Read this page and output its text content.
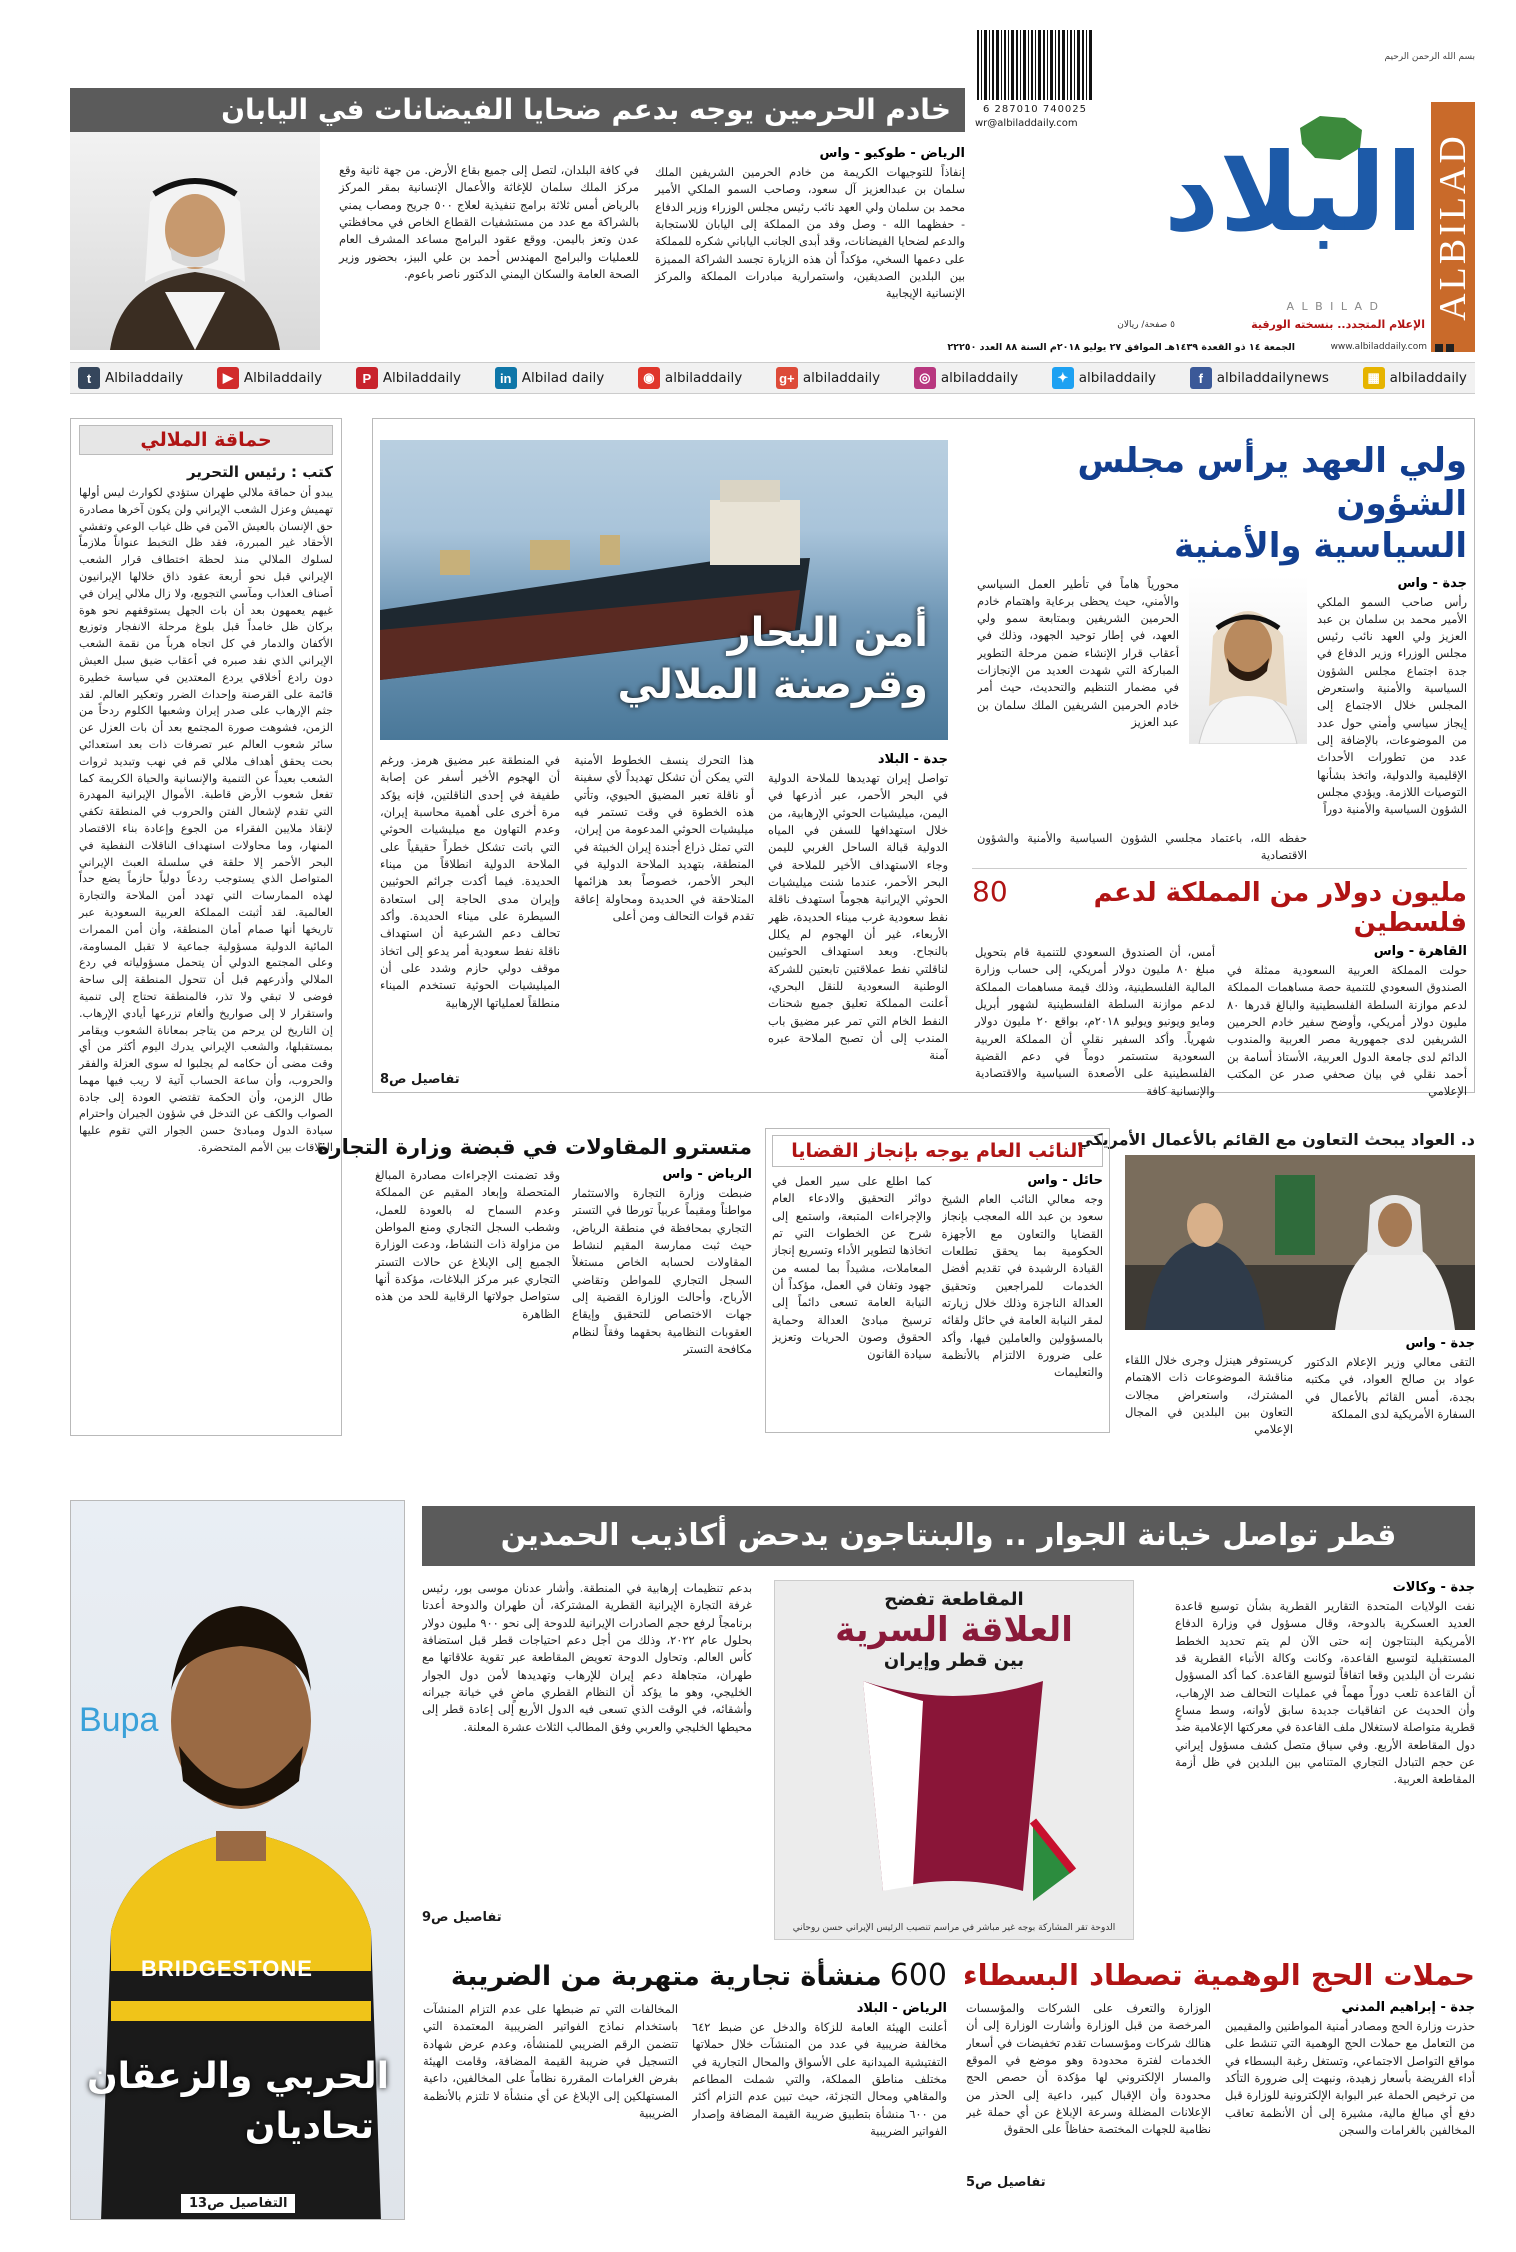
بسم الله الرحمن الرحيم
ALBILAD
البلاد
A L B I L A D
الإعلام المتجدد.. بنسخته الورقية
٥ صفحة/ ريالان
الجمعة ١٤ ذو القعدة ١٤٣٩هـ الموافق ٢٧ يوليو ٢٠١٨م السنة ٨٨ العدد ٢٢٢٥٠	www.albiladdaily.com
6 287010 740025
wr@albiladdaily.com
خادم الحرمين يوجه بدعم ضحايا الفيضانات في اليابان
الرياض - طوكيو - واس

إنفاذاً للتوجيهات الكريمة من خادم الحرمين الشريفين الملك سلمان بن عبدالعزيز آل سعود، وصاحب السمو الملكي الأمير محمد بن سلمان ولي العهد نائب رئيس مجلس الوزراء وزير الدفاع - حفظهما الله - وصل وفد من المملكة إلى اليابان للاستجابة والدعم لضحايا الفيضانات، وقد أبدى الجانب الياباني شكره للمملكة على دعمها السخي، مؤكداً أن هذه الزيارة تجسد الشراكة المميزة بين البلدين الصديقين، واستمرارية مبادرات المملكة والمركز الإنسانية الإيجابية

في كافة البلدان، لتصل إلى جميع بقاع الأرض. من جهة ثانية وقع مركز الملك سلمان للإغاثة والأعمال الإنسانية بمقر المركز بالرياض أمس ثلاثة برامج تنفيذية لعلاج ٥٠٠ جريح ومصاب يمني بالشراكة مع عدد من مستشفيات القطاع الخاص في محافظتي عدن وتعز باليمن. ووقع عقود البرامج مساعد المشرف العام للعمليات والبرامج المهندس أحمد بن علي البيز، بحضور وزير الصحة العامة والسكان اليمني الدكتور ناصر باعوم.

t	Albiladdaily	▶ Albiladdaily	P Albiladdaily	in Albilad daily	◉ albiladdaily	g+ albiladdaily	◎ albiladdaily	✦ albiladdaily	f	albiladdailynews	▦ albiladdaily
حماقة الملالي
كتب : رئيس التحرير

يبدو أن حماقة ملالي طهران ستؤدي لكوارث ليس أولها تهميش وعزل الشعب الإيراني ولن يكون آخرها مصادرة حق الإنسان بالعيش الآمن في ظل غياب الوعي وتفشي الأحقاد غير المبررة، فقد ظل التخبط عنواناً ملازماً لسلوك الملالي منذ لحظة اختطاف قرار الشعب الإيراني قبل نحو أربعة عقود ذاق خلالها الإيرانيون أصناف العذاب ومآسي التجويع، ولا زال ملالي إيران في غيهم يعمهون بعد أن بات الجهل يستوقفهم نحو هوة بركان ظل خامداً قبل بلوغ مرحلة الانفجار وتوزيع الأكفان والدمار في كل اتجاه هرباً من نقمة الشعب الإيراني الذي نفد صبره في أعقاب ضيق سبل العيش دون رادع أخلاقي يردع المعتدين في سياسة خطيرة قائمة على القرصنة وإحداث الضرر وتعكير العالم. لقد جثم الإرهاب على صدر إيران وشعبها الكلوم ردحاً من الزمن، فشوهت صورة المجتمع بعد أن بات العزل عن سائر شعوب العالم عبر تصرفات ذات بعد استعدائي بحت يحقق أهداف ملالي قم في نهب وتبديد ثروات الشعب بعيداً عن التنمية والإنسانية والحياة الكريمة كما تفعل شعوب الأرض قاطبة. الأموال الإيرانية المهدرة التي تقدم لإشعال الفتن والحروب في المنطقة تكفي لإنقاذ ملايين الفقراء من الجوع وإعادة بناء الاقتصاد المنهار، وما محاولات استهداف الناقلات النفطية في البحر الأحمر إلا حلقة في سلسلة العبث الإيراني المتواصل الذي يستوجب ردعاً دولياً حازماً يضع حداً لهذه الممارسات التي تهدد أمن الملاحة والتجارة العالمية. لقد أثبتت المملكة العربية السعودية عبر تاريخها أنها صمام أمان المنطقة، وأن أمن الممرات المائية الدولية مسؤولية جماعية لا تقبل المساومة، وعلى المجتمع الدولي أن يتحمل مسؤولياته في ردع الملالي وأذرعهم قبل أن تتحول المنطقة إلى ساحة فوضى لا تبقي ولا تذر، فالمنطقة تحتاج إلى تنمية واستقرار لا إلى صواريخ وألغام تزرعها أيادي الإرهاب. إن التاريخ لن يرحم من يتاجر بمعاناة الشعوب ويقامر بمستقبلها، والشعب الإيراني يدرك اليوم أكثر من أي وقت مضى أن حكامه لم يجلبوا له سوى العزلة والفقر والحروب، وأن ساعة الحساب آتية لا ريب فيها مهما طال الزمن، وأن الحكمة تقتضي العودة إلى جادة الصواب والكف عن التدخل في شؤون الجيران واحترام سيادة الدول ومبادئ حسن الجوار التي تقوم عليها العلاقات بين الأمم المتحضرة.

ولي العهد يرأس مجلس الشؤون
السياسية والأمنية
جدة - واس

رأس صاحب السمو الملكي الأمير محمد بن سلمان بن عبد العزيز ولي العهد نائب رئيس مجلس الوزراء وزير الدفاع في جدة اجتماع مجلس الشؤون السياسية والأمنية واستعرض المجلس خلال الاجتماع إلى إيجاز سياسي وأمني حول عدد من الموضوعات، بالإضافة إلى عدد من تطورات الأحداث الإقليمية والدولية، واتخذ بشأنها التوصيات اللازمة. ويؤدي مجلس الشؤون السياسية والأمنية دوراً

محورياً هاماً في تأطير العمل السياسي والأمني، حيث يحظى برعاية واهتمام خادم الحرمين الشريفين وبمتابعة سمو ولي العهد، في إطار توحيد الجهود، وذلك في أعقاب قرار الإنشاء ضمن مرحلة التطوير المباركة التي شهدت العديد من الإنجازات في مضمار التنظيم والتحديث، حيث أمر خادم الحرمين الشريفين الملك سلمان بن عبد العزيز

حفظه الله، باعتماد مجلسي الشؤون السياسية والأمنية والشؤون الاقتصادية

مليون دولار من المملكة لدعم فلسطين
80
القاهرة - واس

حولت المملكة العربية السعودية ممثلة في الصندوق السعودي للتنمية حصة مساهمات المملكة لدعم موازنة السلطة الفلسطينية والبالغ قدرها ٨٠ مليون دولار أمريكي، وأوضح سفير خادم الحرمين الشريفين لدى جمهورية مصر العربية والمندوب الدائم لدى جامعة الدول العربية، الأستاذ أسامة بن أحمد نقلي في بيان صحفي صدر عن المكتب الإعلامي

أمس، أن الصندوق السعودي للتنمية قام بتحويل مبلغ ٨٠ مليون دولار أمريكي، إلى حساب وزارة المالية الفلسطينية، وذلك قيمة مساهمات المملكة لدعم موازنة السلطة الفلسطينية لشهور أبريل ومايو ويونيو ويوليو ٢٠١٨م، بواقع ٢٠ مليون دولار شهرياً. وأكد السفير نقلي أن المملكة العربية السعودية ستستمر دوماً في دعم القضية الفلسطينية على الأصعدة السياسية والاقتصادية والإنسانية كافة

أمن البحار
وقرصنة الملالي
جدة - البلاد

تواصل إيران تهديدها للملاحة الدولية في البحر الأحمر، عبر أذرعها في اليمن، ميليشيات الحوثي الإرهابية، من خلال استهدافها للسفن في المياه الدولية قبالة الساحل الغربي لليمن وجاء الاستهداف الأخير للملاحة في البحر الأحمر، عندما شنت ميليشيات الحوثي الإيرانية هجوماً استهدف ناقلة نفط سعودية غرب ميناء الحديدة، ظهر الأربعاء، غير أن الهجوم لم يكلل بالنجاح. وبعد استهداف الحوثيين لناقلتي نفط عملاقتين تابعتين للشركة الوطنية السعودية للنقل البحري، أعلنت المملكة تعليق جميع شحنات النفط الخام التي تمر عبر مضيق باب المندب إلى أن تصبح الملاحة عبره آمنة

هذا التحرك ينسف الخطوط الأمنية التي يمكن أن تشكل تهديداً لأي سفينة أو ناقلة تعبر المضيق الحيوي، وتأتي هذه الخطوة في وقت تستمر فيه ميليشيات الحوثي المدعومة من إيران، التي تمثل ذراع أجندة إيران الخبيثة في المنطقة، بتهديد الملاحة الدولية في البحر الأحمر، خصوصاً بعد هزائمها المتلاحقة في الحديدة ومحاولة إعاقة تقدم قوات التحالف ومن أعلى

في المنطقة عبر مضيق هرمز. ورغم أن الهجوم الأخير أسفر عن إصابة طفيفة في إحدى الناقلتين، فإنه يؤكد مرة أخرى على أهمية محاسبة إيران، وعدم التهاون مع ميليشيات الحوثي التي باتت تشكل خطراً حقيقياً على الملاحة الدولية انطلاقاً من ميناء الحديدة. فيما أكدت جرائم الحوثيين وإيران مدى الحاجة إلى استعادة السيطرة على ميناء الحديدة. وأكد تحالف دعم الشرعية أن استهداف ناقلة نفط سعودية أمر يدعو إلى اتخاذ موقف دولي حازم وشدد على أن الميليشيات الحوثية تستخدم الميناء منطلقاً لعملياتها الإرهابية

تفاصيل ص8
د. العواد يبحث التعاون مع القائم بالأعمال الأمريكي
جدة - واس

التقى معالي وزير الإعلام الدكتور عواد بن صالح العواد، في مكتبه بجدة، أمس القائم بالأعمال في السفارة الأمريكية لدى المملكة

كريستوفر هينزل وجرى خلال اللقاء مناقشة الموضوعات ذات الاهتمام المشترك، واستعراض مجالات التعاون بين البلدين في المجال الإعلامي

النائب العام يوجه بإنجاز القضايا
حائل - واس

وجه معالي النائب العام الشيخ سعود بن عبد الله المعجب بإنجاز القضايا والتعاون مع الأجهزة الحكومية بما يحقق تطلعات القيادة الرشيدة في تقديم أفضل الخدمات للمراجعين وتحقيق العدالة الناجزة وذلك خلال زيارته لمقر النيابة العامة في حائل ولقائه بالمسؤولين والعاملين فيها، وأكد على ضرورة الالتزام بالأنظمة والتعليمات

كما اطلع على سير العمل في دوائر التحقيق والادعاء العام والإجراءات المتبعة، واستمع إلى شرح عن الخطوات التي تم اتخاذها لتطوير الأداء وتسريع إنجاز المعاملات، مشيداً بما لمسه من جهود وتفان في العمل، مؤكداً أن النيابة العامة تسعى دائماً إلى ترسيخ مبادئ العدالة وحماية الحقوق وصون الحريات وتعزيز سيادة القانون

متسترو المقاولات في قبضة وزارة التجارة
الرياض - واس

ضبطت وزارة التجارة والاستثمار مواطناً ومقيماً عربياً تورطا في التستر التجاري بمحافظة في منطقة الرياض، حيث ثبت ممارسة المقيم لنشاط المقاولات لحسابه الخاص مستغلاً السجل التجاري للمواطن وتقاضي الأرباح، وأحالت الوزارة القضية إلى جهات الاختصاص للتحقيق وإيقاع العقوبات النظامية بحقهما وفقاً لنظام مكافحة التستر

وقد تضمنت الإجراءات مصادرة المبالغ المتحصلة وإبعاد المقيم عن المملكة وعدم السماح له بالعودة للعمل، وشطب السجل التجاري ومنع المواطن من مزاولة ذات النشاط، ودعت الوزارة الجميع إلى الإبلاغ عن حالات التستر التجاري عبر مركز البلاغات، مؤكدة أنها ستواصل جولاتها الرقابية للحد من هذه الظاهرة

Bupa
BRIDGESTONE
الحربي والزعقان
تحاديان
التفاصيل ص13
قطر تواصل خيانة الجوار .. والبنتاجون يدحض أكاذيب الحمدين
جدة - وكالات

نفت الولايات المتحدة التقارير القطرية بشأن توسيع قاعدة العديد العسكرية بالدوحة، وقال مسؤول في وزارة الدفاع الأمريكية البنتاجون إنه حتى الآن لم يتم تحديد الخطط المستقبلية لتوسيع القاعدة، وكانت وكالة الأنباء القطرية قد نشرت أن البلدين وقعا اتفاقاً لتوسيع القاعدة. كما أكد المسؤول أن القاعدة تلعب دوراً مهماً في عمليات التحالف ضد الإرهاب، وأن الحديث عن اتفاقيات جديدة سابق لأوانه، وسط مساعٍ قطرية متواصلة لاستغلال ملف القاعدة في معركتها الإعلامية ضد دول المقاطعة الأربع. وفي سياق متصل كشف مسؤول إيراني عن حجم التبادل التجاري المتنامي بين البلدين في ظل أزمة المقاطعة العربية.

المقاطعة تفضح
العلاقة السرية
بين قطر وإيران
الدوحة تقر المشاركة بوجه غير مباشر في مراسم تنصيب الرئيس الإيراني حسن روحاني

بدعم تنظيمات إرهابية في المنطقة. وأشار عدنان موسى بور، رئيس غرفة التجارة الإيرانية القطرية المشتركة، أن طهران والدوحة أعدتا برنامجاً لرفع حجم الصادرات الإيرانية للدوحة إلى نحو ٩٠٠ مليون دولار بحلول عام ٢٠٢٢، وذلك من أجل دعم احتياجات قطر قبل استضافة كأس العالم. وتحاول الدوحة تعويض المقاطعة عبر تقوية علاقاتها مع طهران، متجاهلة دعم إيران للإرهاب وتهديدها لأمن دول الجوار الخليجي، وهو ما يؤكد أن النظام القطري ماضٍ في خيانة جيرانه وأشقائه، في الوقت الذي تسعى فيه الدول الأربع إلى إعادة قطر إلى محيطها الخليجي والعربي وفق المطالب الثلاث عشرة المعلنة.

تفاصيل ص9
حملات الحج الوهمية تصطاد البسطاء
جدة - إبراهيم المدني

حذرت وزارة الحج ومصادر أمنية المواطنين والمقيمين من التعامل مع حملات الحج الوهمية التي تنشط على مواقع التواصل الاجتماعي، وتستغل رغبة البسطاء في أداء الفريضة بأسعار زهيدة، ونبهت إلى ضرورة التأكد من ترخيص الحملة عبر البوابة الإلكترونية للوزارة قبل دفع أي مبالغ مالية، مشيرة إلى أن الأنظمة تعاقب المخالفين بالغرامات والسجن

الوزارة والتعرف على الشركات والمؤسسات المرخصة من قبل الوزارة وأشارت الوزارة إلى أن هنالك شركات ومؤسسات تقدم تخفيضات في أسعار الخدمات لفترة محدودة وهو موضع في الموقع والمسار الإلكتروني لها مؤكدة أن حصص الحج محدودة وأن الإقبال كبير، داعية إلى الحذر من الإعلانات المضللة وسرعة الإبلاغ عن أي حملة غير نظامية للجهات المختصة حفاظاً على الحقوق

تفاصيل ص5
600
منشأة تجارية متهربة من الضريبة
الرياض - البلاد

أعلنت الهيئة العامة للزكاة والدخل عن ضبط ٦٤٢ مخالفة ضريبية في عدد من المنشآت خلال حملاتها التفتيشية الميدانية على الأسواق والمحال التجارية في مختلف مناطق المملكة، والتي شملت المطاعم والمقاهي ومحال التجزئة، حيث تبين عدم التزام أكثر من ٦٠٠ منشأة بتطبيق ضريبة القيمة المضافة وإصدار الفواتير الضريبية

المخالفات التي تم ضبطها على عدم التزام المنشآت باستخدام نماذج الفواتير الضريبية المعتمدة التي تتضمن الرقم الضريبي للمنشأة، وعدم عرض شهادة التسجيل في ضريبة القيمة المضافة، وقامت الهيئة بفرض الغرامات المقررة نظاماً على المخالفين، داعية المستهلكين إلى الإبلاغ عن أي منشأة لا تلتزم بالأنظمة الضريبية
